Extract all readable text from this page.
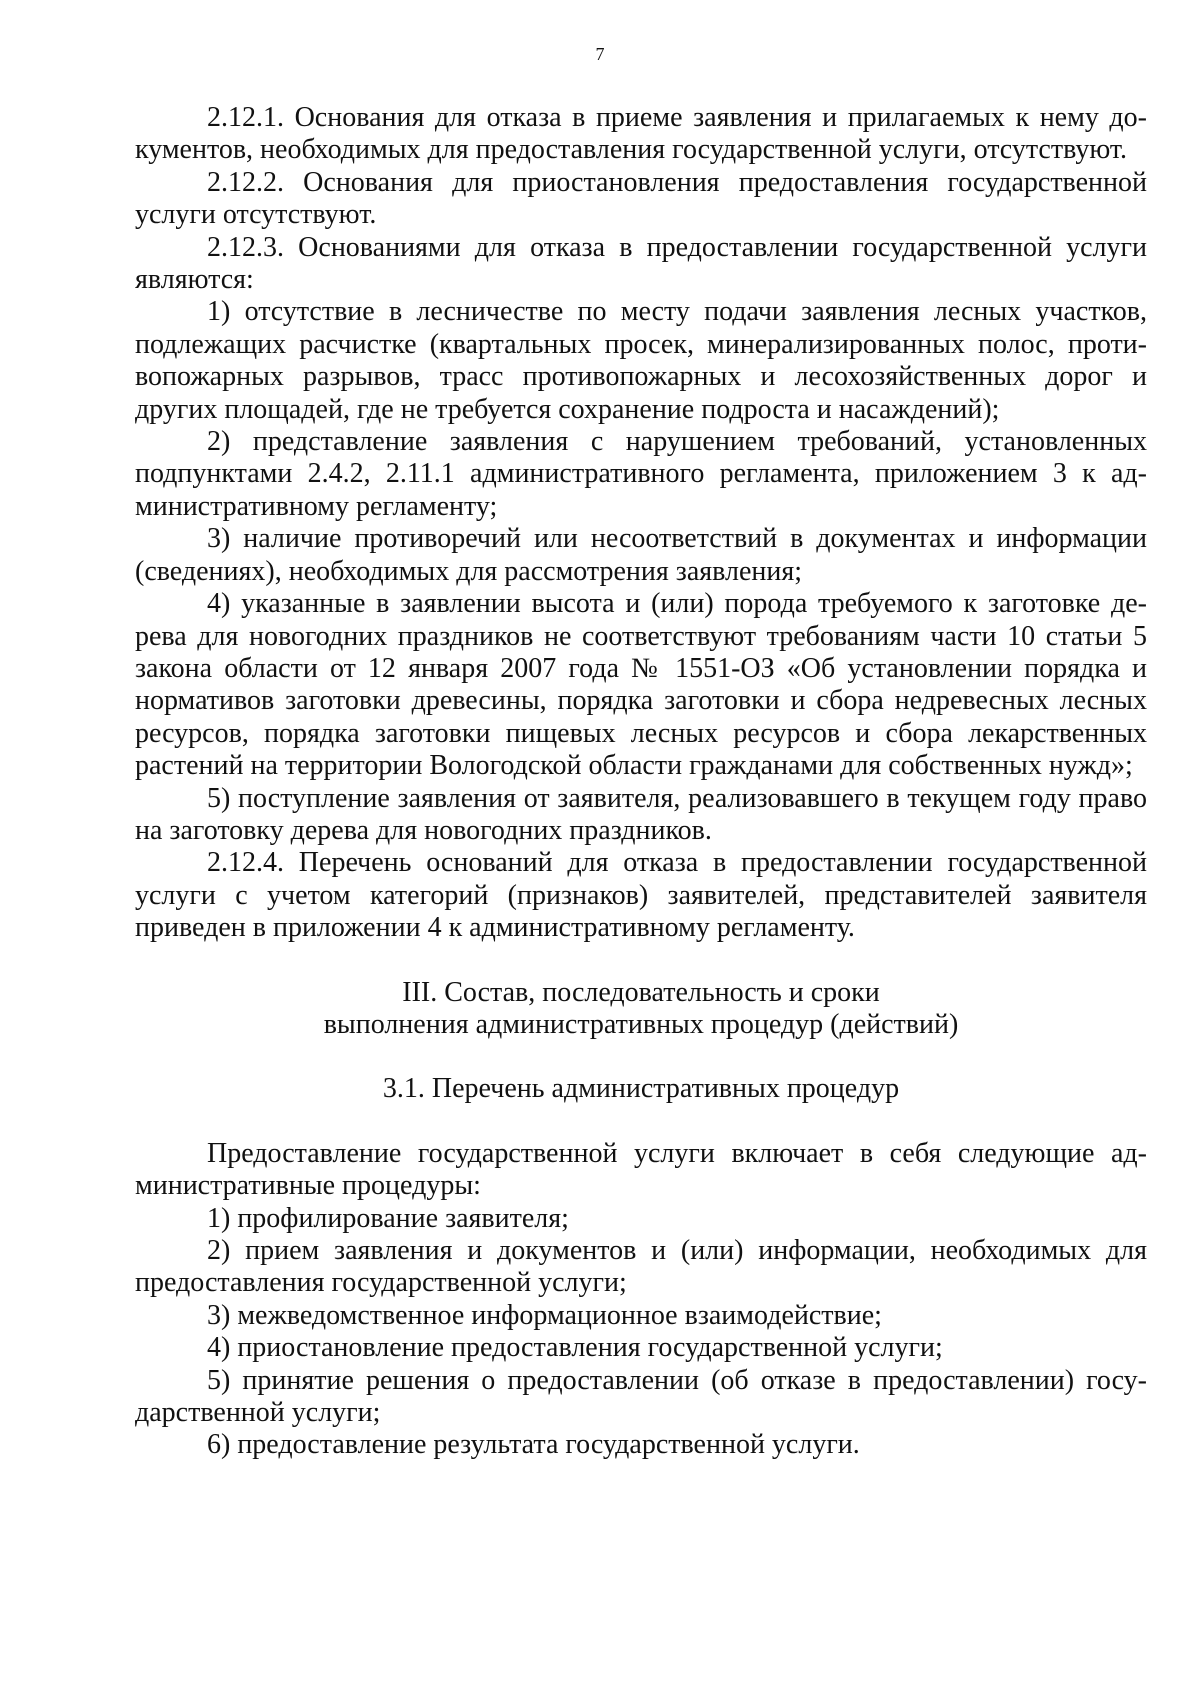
7

2.12.1. Основания для отказа в приеме заявления и прилагаемых к нему документов, необходимых для предоставления государственной услуги, отсутствуют.

2.12.2. Основания для приостановления предоставления государственной услуги отсутствуют.

2.12.3. Основаниями для отказа в предоставлении государственной услуги являются:

1) отсутствие в лесничестве по месту подачи заявления лесных участков, подлежащих расчистке (квартальных просек, минерализированных полос, противопожарных разрывов, трасс противопожарных и лесохозяйственных дорог и других площадей, где не требуется сохранение подроста и насаждений);

2) представление заявления с нарушением требований, установленных подпунктами 2.4.2, 2.11.1 административного регламента, приложением 3 к административному регламенту;

3) наличие противоречий или несоответствий в документах и информации (сведениях), необходимых для рассмотрения заявления;

4) указанные в заявлении высота и (или) порода требуемого к заготовке дерева для новогодних праздников не соответствуют требованиям части 10 статьи 5 закона области от 12 января 2007 года № 1551-ОЗ «Об установлении порядка и нормативов заготовки древесины, порядка заготовки и сбора недревесных лесных ресурсов, порядка заготовки пищевых лесных ресурсов и сбора лекарственных растений на территории Вологодской области гражданами для собственных нужд»;

5) поступление заявления от заявителя, реализовавшего в текущем году право на заготовку дерева для новогодних праздников.

2.12.4. Перечень оснований для отказа в предоставлении государственной услуги с учетом категорий (признаков) заявителей, представителей заявителя приведен в приложении 4 к административному регламенту.

III. Состав, последовательность и сроки

выполнения административных процедур (действий)

3.1. Перечень административных процедур

Предоставление государственной услуги включает в себя следующие административные процедуры:

1) профилирование заявителя;

2) прием заявления и документов и (или) информации, необходимых для предоставления государственной услуги;

3) межведомственное информационное взаимодействие;

4) приостановление предоставления государственной услуги;

5) принятие решения о предоставлении (об отказе в предоставлении) государственной услуги;

6) предоставление результата государственной услуги.
